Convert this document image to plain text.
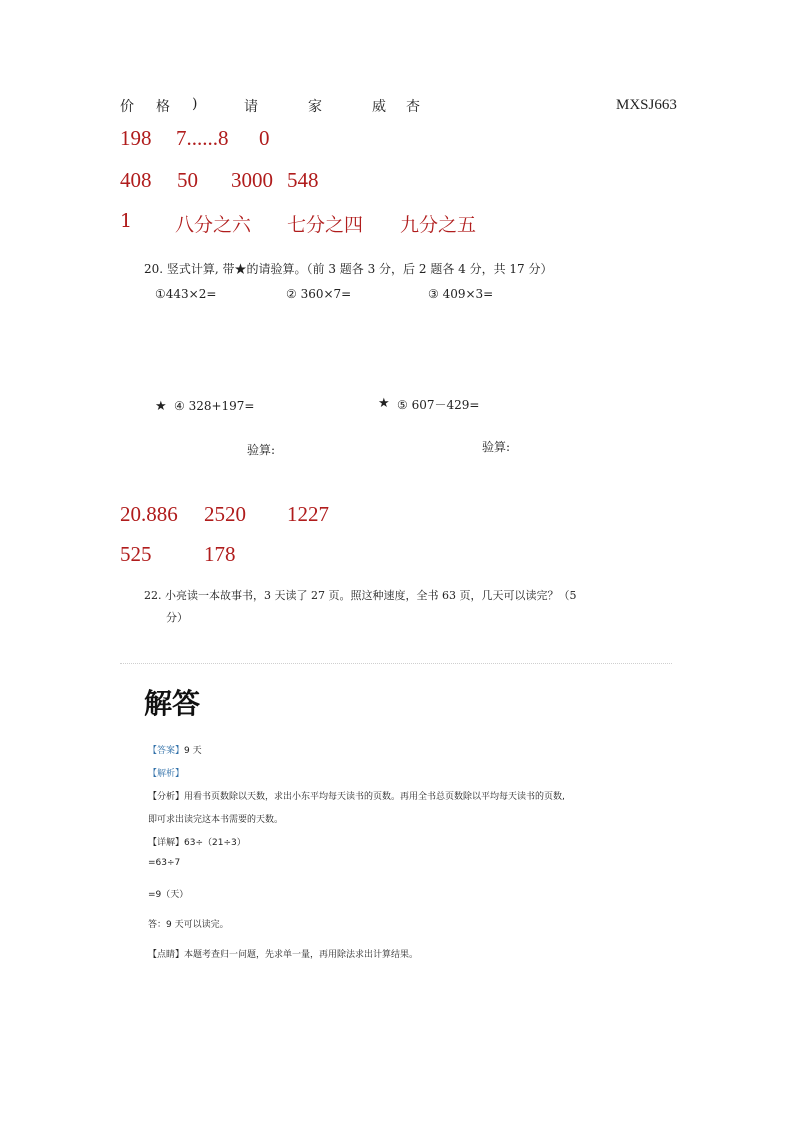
价 格 )	请	家	威 杏	MXSJ663
198 7......8 0
408 50 3000 548
1 八分之六 七分之四 九分之五
20. 竖式计算, 带★的请验算。（前 3 题各 3 分，后 2 题各 4 分，共 17 分）
①443×2=	② 360×7=	③ 409×3=
★ ④ 328+197=	★ ⑤ 607－429=
验算:	验算:
20.886 2520 1227
525	178
22. 小亮读一本故事书，3 天读了 27 页。照这种速度，全书 63 页，几天可以读完？（5
分）
解答
【答案】9 天
【解析】
【分析】用看书页数除以天数，求出小东平均每天读书的页数。再用全书总页数除以平均每天读书的页数,
即可求出读完这本书需要的天数。
【详解】63÷（21÷3）
=63÷7
=9（天）
答：9 天可以读完。
【点睛】本题考查归一问题，先求单一量，再用除法求出计算结果。
